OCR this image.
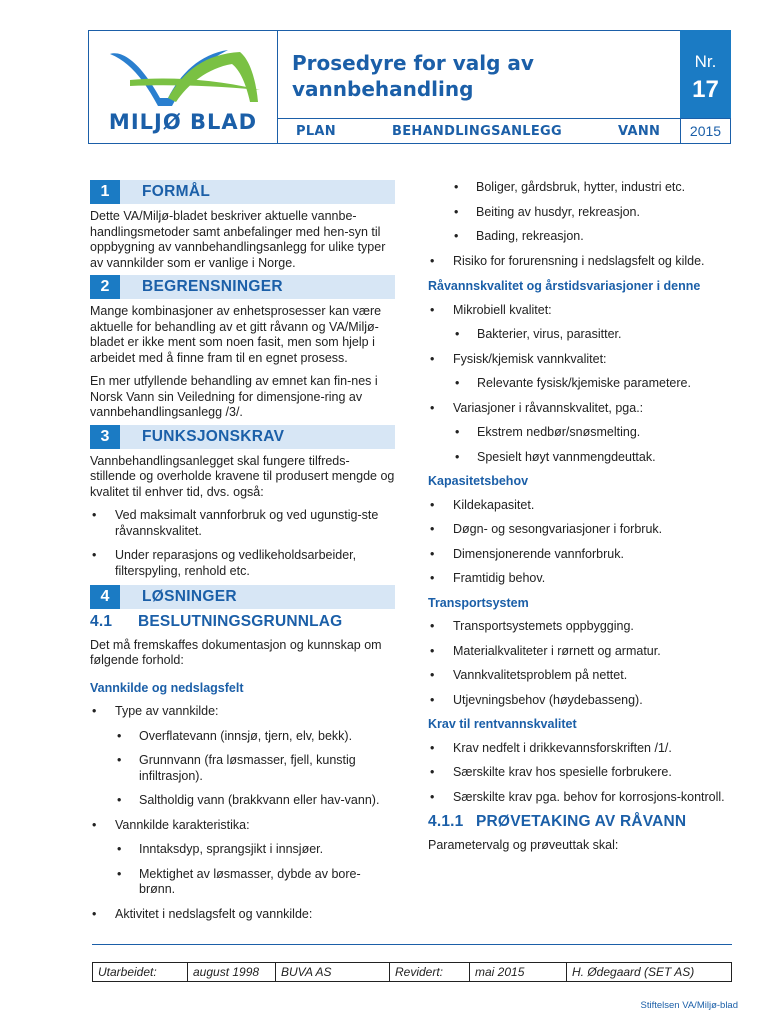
MILJØ BLAD
Prosedyre for valg av vannbehandling
PLAN	BEHANDLINGSANLEGG	VANN
Nr.
17
2015
1	FORMÅL
Dette VA/Miljø-bladet beskriver aktuelle vannbe-handlingsmetoder samt anbefalinger med hen-syn til oppbygning av vannbehandlingsanlegg for ulike typer av vannkilder som er vanlige i Norge.
2	BEGRENSNINGER
Mange kombinasjoner av enhetsprosesser kan være aktuelle for behandling av et gitt råvann og VA/Miljø-bladet er ikke ment som noen fasit, men som hjelp i arbeidet med å finne fram til en egnet prosess.
En mer utfyllende behandling av emnet kan fin-nes i Norsk Vann sin Veiledning for dimensjone-ring av vannbehandlingsanlegg /3/.
3	FUNKSJONSKRAV
Vannbehandlingsanlegget skal fungere tilfreds-stillende og overholde kravene til produsert mengde og kvalitet til enhver tid, dvs. også:
• Ved maksimalt vannforbruk og ved ugunstig-ste råvannskvalitet.
• Under reparasjons og vedlikeholdsarbeider, filterspyling, renhold etc.
4	LØSNINGER
4.1 BESLUTNINGSGRUNNLAG
Det må fremskaffes dokumentasjon og kunnskap om følgende forhold:
Vannkilde og nedslagsfelt
• Type av vannkilde:
• Overflatevann (innsjø, tjern, elv, bekk).
• Grunnvann (fra løsmasser, fjell, kunstig infiltrasjon).
• Saltholdig vann (brakkvann eller hav-vann).
• Vannkilde karakteristika:
• Inntaksdyp, sprangsjikt i innsjøer.
• Mektighet av løsmasser, dybde av bore-brønn.
• Aktivitet i nedslagsfelt og vannkilde:
• Boliger, gårdsbruk, hytter, industri etc.
• Beiting av husdyr, rekreasjon.
• Bading, rekreasjon.
• Risiko for forurensning i nedslagsfelt og kilde.
Råvannskvalitet og årstidsvariasjoner i denne
• Mikrobiell kvalitet:
• Bakterier, virus, parasitter.
• Fysisk/kjemisk vannkvalitet:
• Relevante fysisk/kjemiske parametere.
• Variasjoner i råvannskvalitet, pga.:
• Ekstrem nedbør/snøsmelting.
• Spesielt høyt vannmengdeuttak.
Kapasitetsbehov
• Kildekapasitet.
• Døgn- og sesongvariasjoner i forbruk.
• Dimensjonerende vannforbruk.
• Framtidig behov.
Transportsystem
• Transportsystemets oppbygging.
• Materialkvaliteter i rørnett og armatur.
• Vannkvalitetsproblem på nettet.
• Utjevningsbehov (høydebasseng).
Krav til rentvannskvalitet
• Krav nedfelt i drikkevannsforskriften /1/.
• Særskilte krav hos spesielle forbrukere.
• Særskilte krav pga. behov for korrosjons-kontroll.
4.1.1 PRØVETAKING AV RÅVANN
Parametervalg og prøveuttak skal:
Utarbeidet:	august 1998	BUVA AS	Revidert:	mai 2015	H. Ødegaard (SET AS)
Stiftelsen VA/Miljø-blad
